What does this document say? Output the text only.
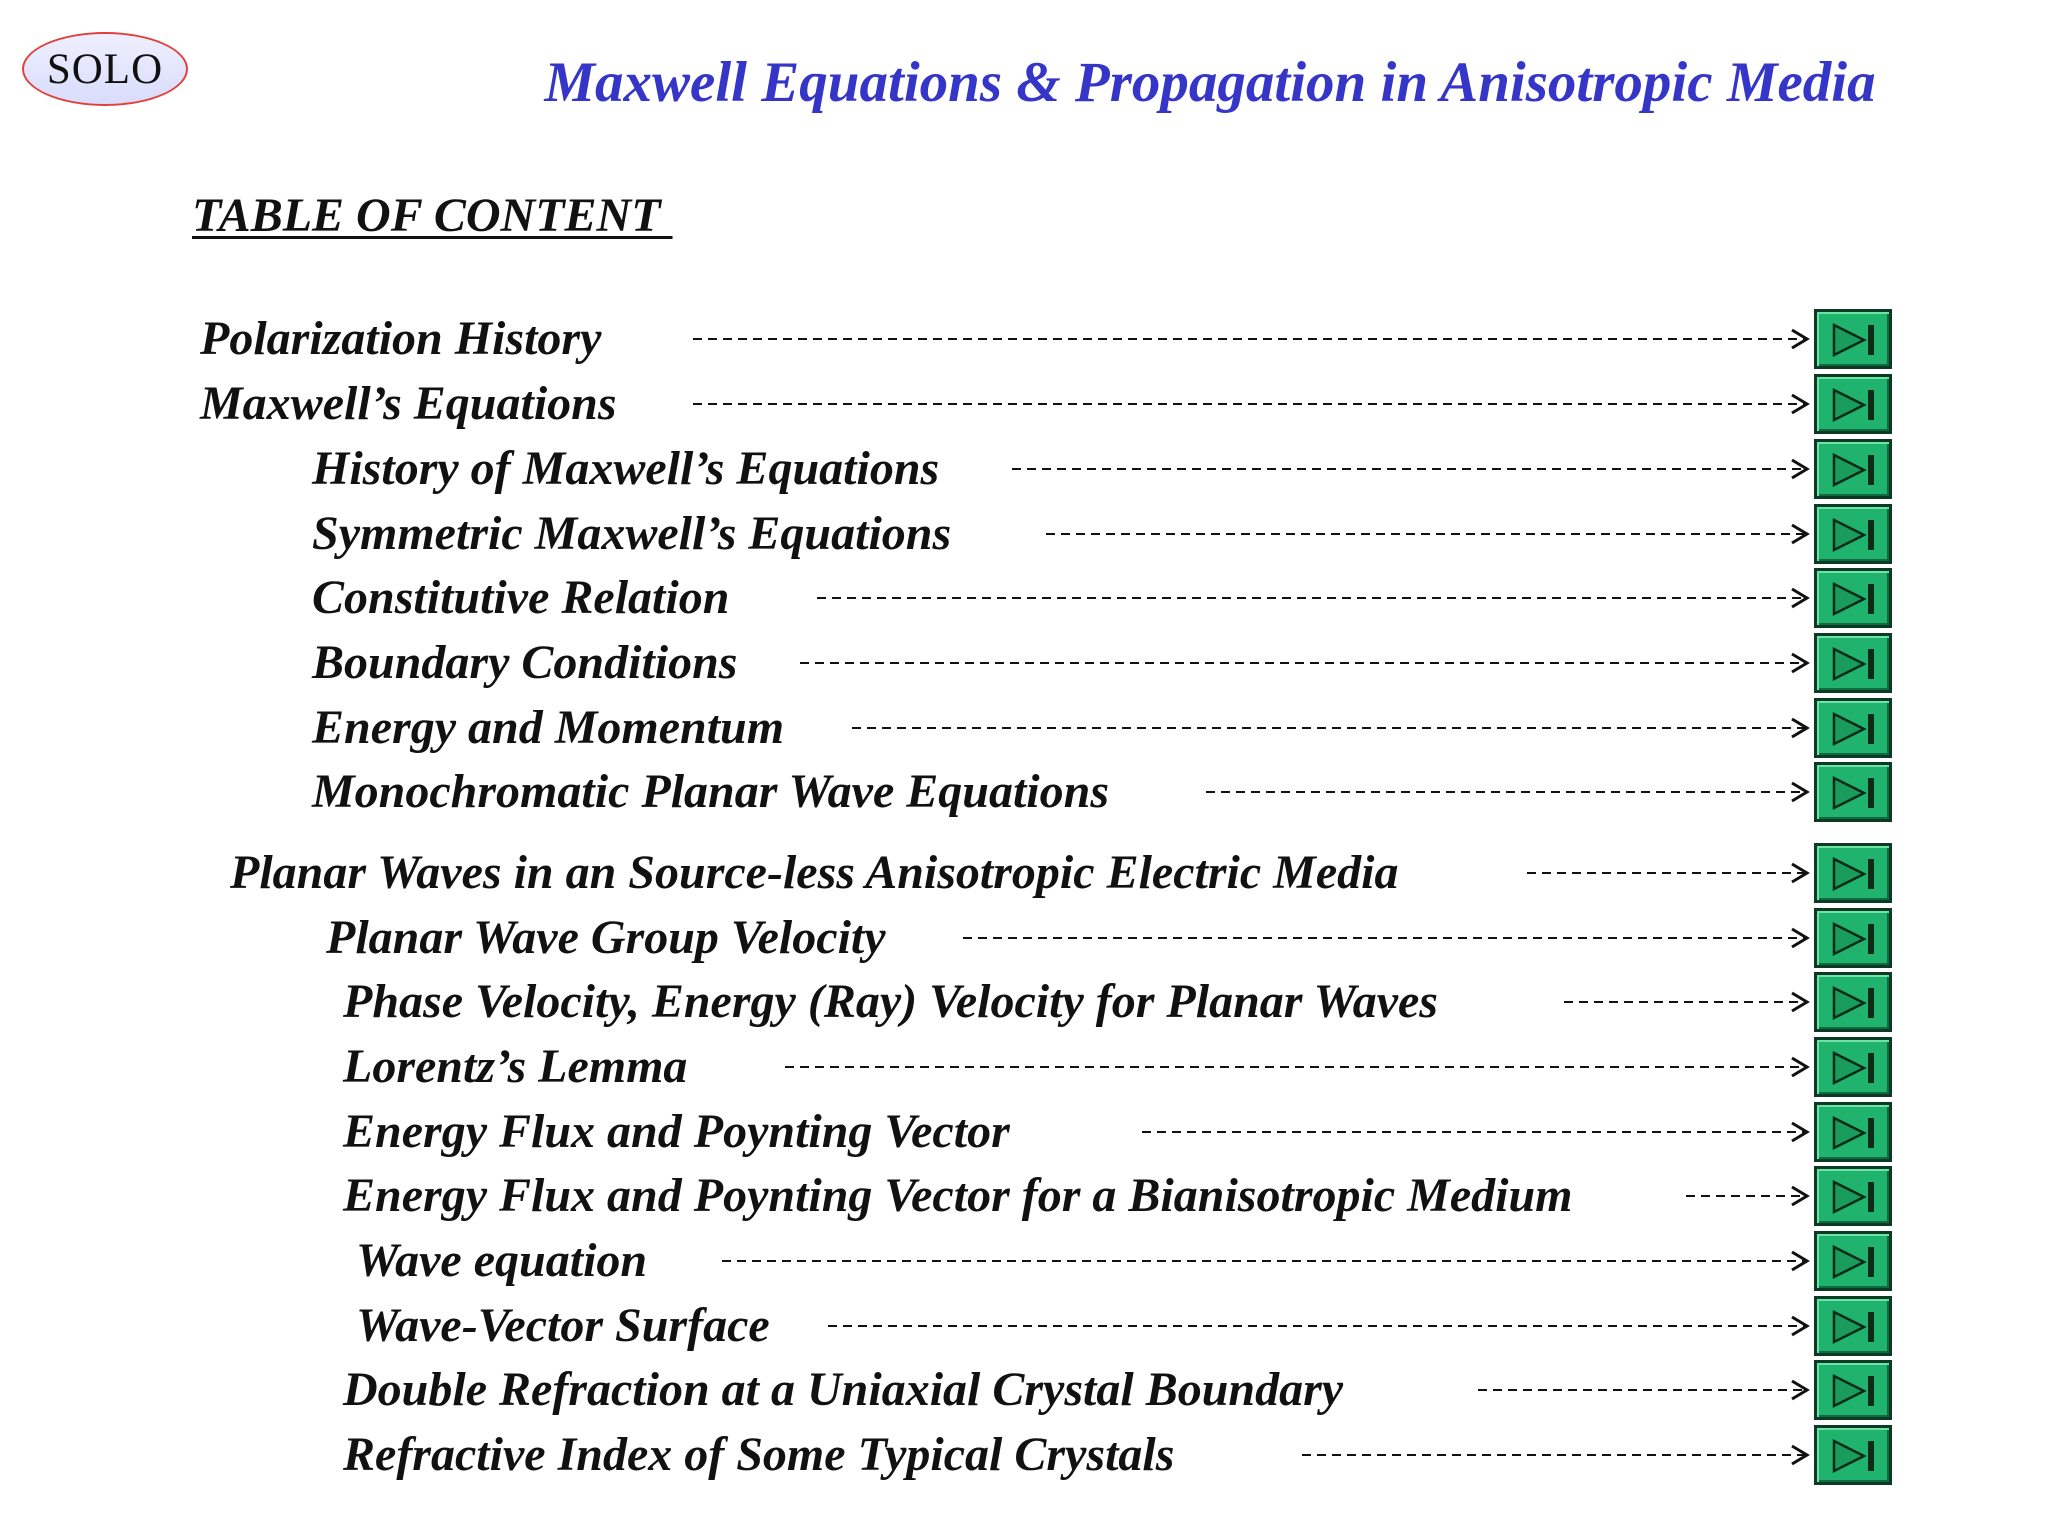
SOLO	Maxwell Equations & Propagation in Anisotropic Media
TABLE OF CONTENT
Polarization History
Maxwell’s Equations
History of Maxwell’s Equations
Symmetric Maxwell’s Equations
Constitutive Relation
Boundary Conditions
Energy and Momentum
Monochromatic Planar Wave Equations
Planar Waves in an Source-less Anisotropic Electric Media
Planar Wave Group Velocity
Phase Velocity, Energy (Ray) Velocity for Planar Waves
Lorentz’s Lemma
Energy Flux and Poynting Vector
Energy Flux and Poynting Vector for a Bianisotropic Medium
Wave equation
Wave-Vector Surface
Double Refraction at a Uniaxial Crystal Boundary
Refractive Index of Some Typical Crystals
